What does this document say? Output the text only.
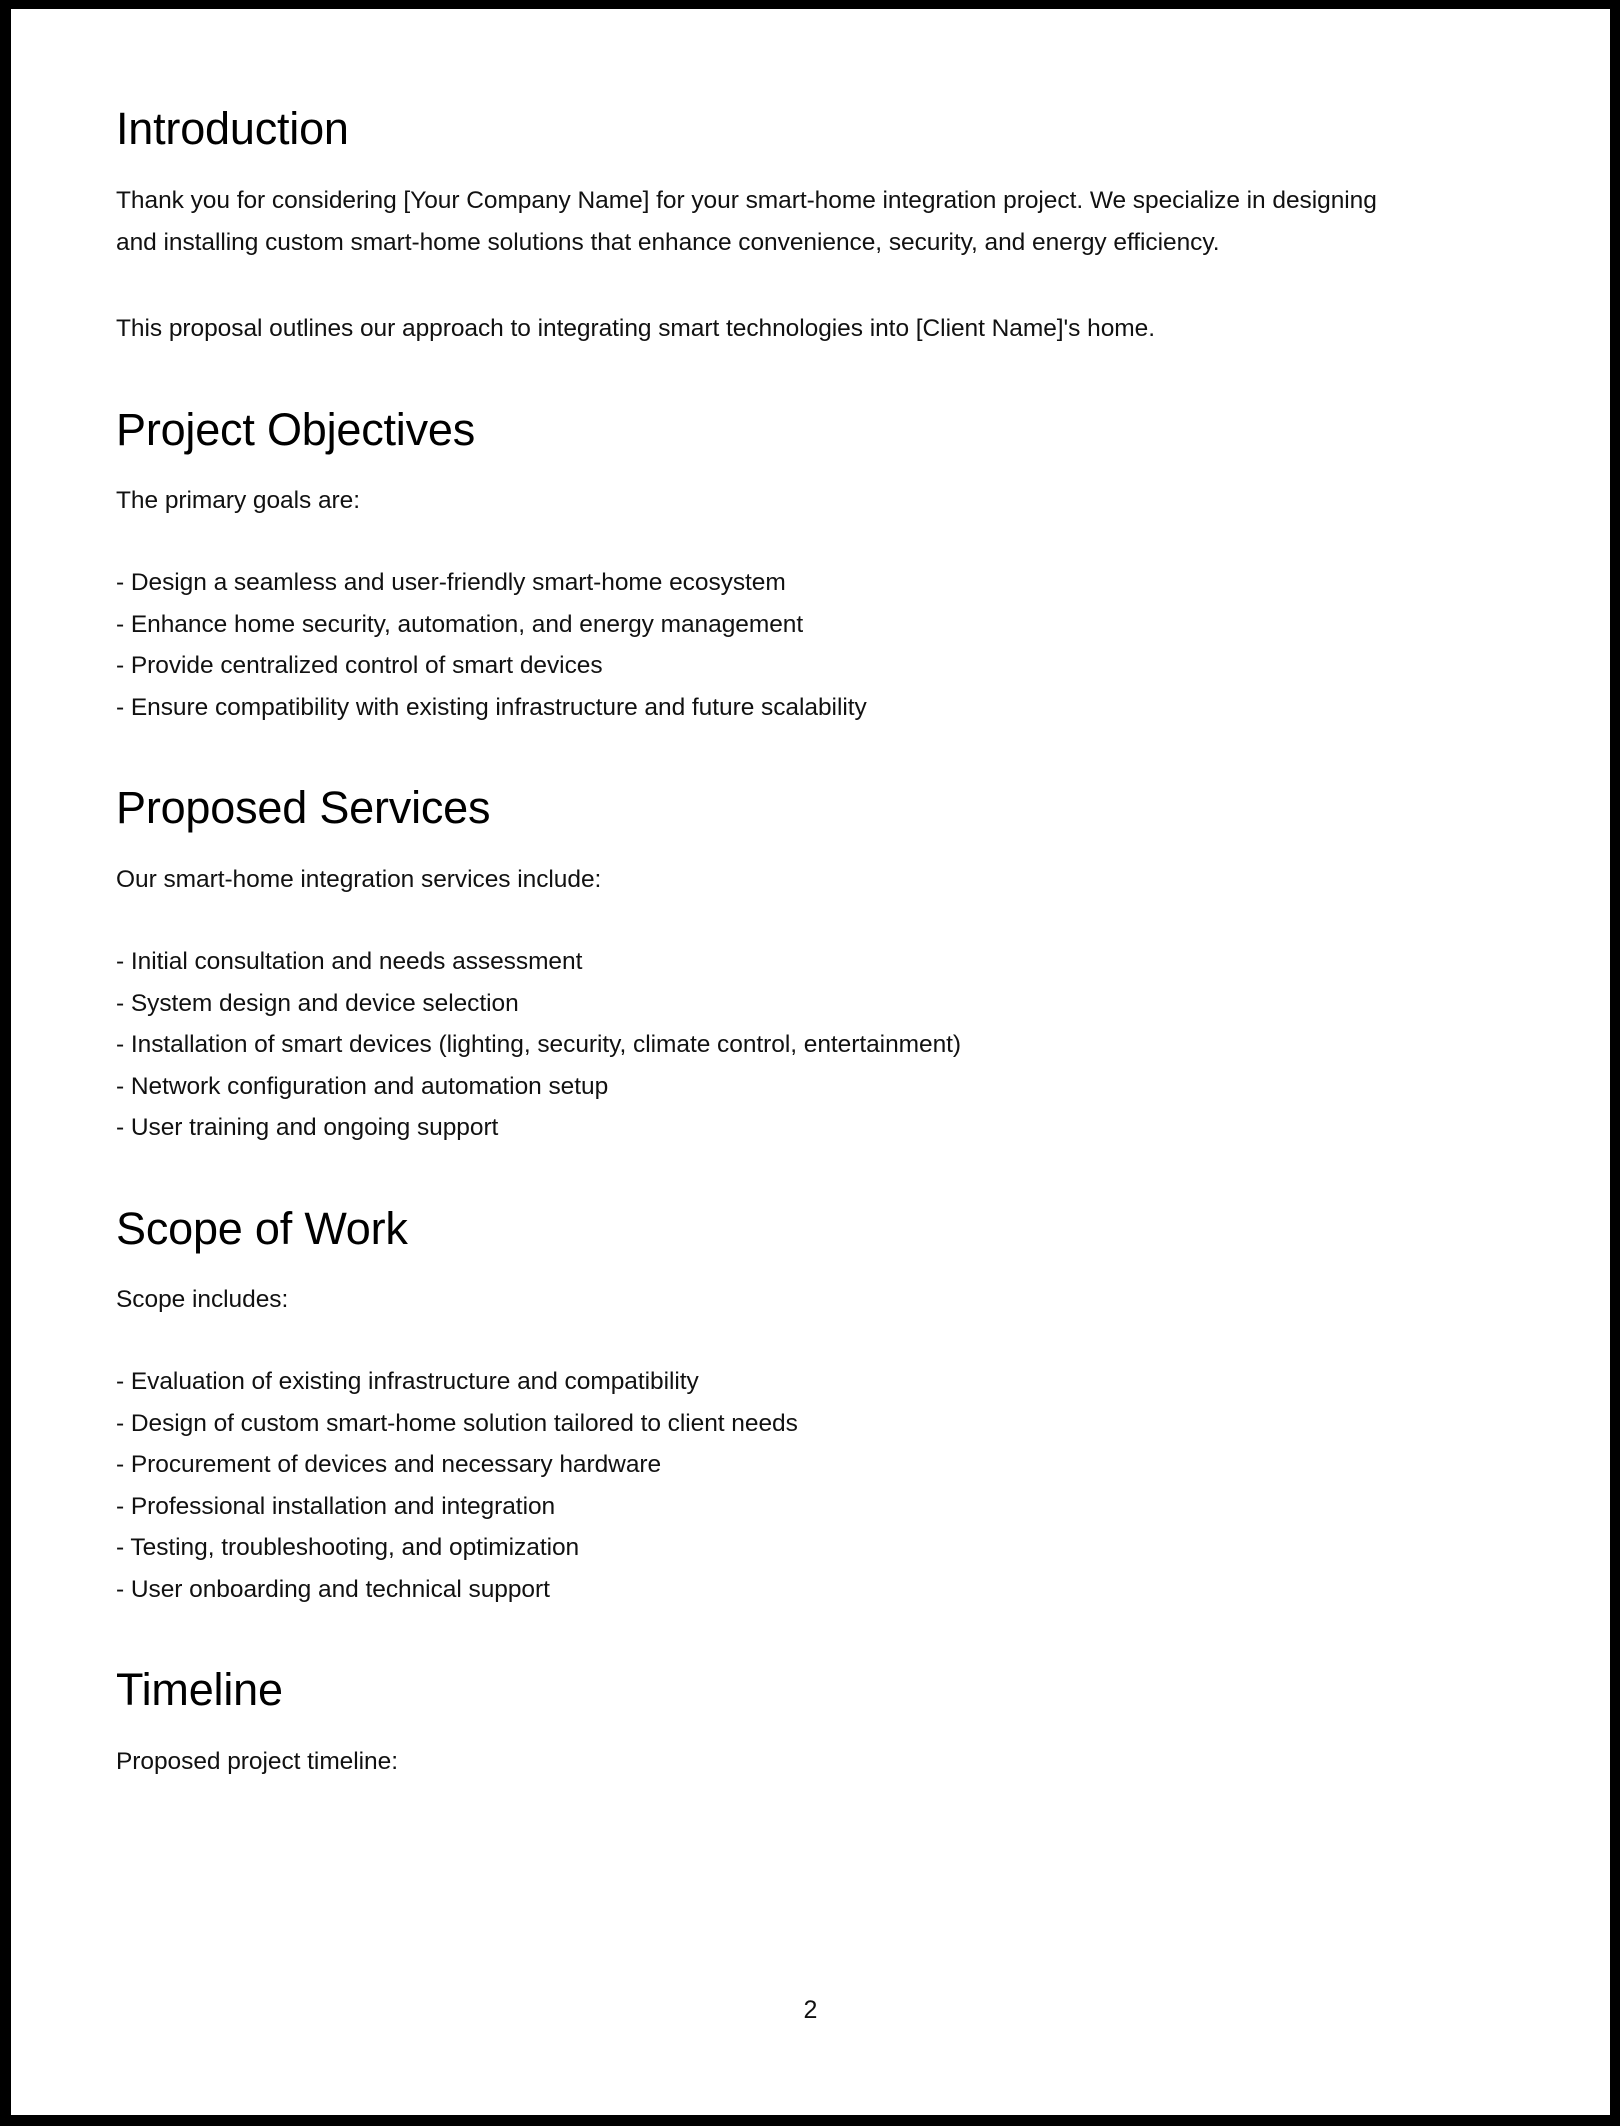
Introduction

Thank you for considering [Your Company Name] for your smart-home integration project. We specialize in designing and installing custom smart-home solutions that enhance convenience, security, and energy efficiency.

This proposal outlines our approach to integrating smart technologies into [Client Name]'s home.

Project Objectives

The primary goals are:

- Design a seamless and user-friendly smart-home ecosystem
- Enhance home security, automation, and energy management
- Provide centralized control of smart devices
- Ensure compatibility with existing infrastructure and future scalability
Proposed Services

Our smart-home integration services include:

- Initial consultation and needs assessment
- System design and device selection
- Installation of smart devices (lighting, security, climate control, entertainment)
- Network configuration and automation setup
- User training and ongoing support
Scope of Work

Scope includes:

- Evaluation of existing infrastructure and compatibility
- Design of custom smart-home solution tailored to client needs
- Procurement of devices and necessary hardware
- Professional installation and integration
- Testing, troubleshooting, and optimization
- User onboarding and technical support
Timeline

Proposed project timeline:

2
